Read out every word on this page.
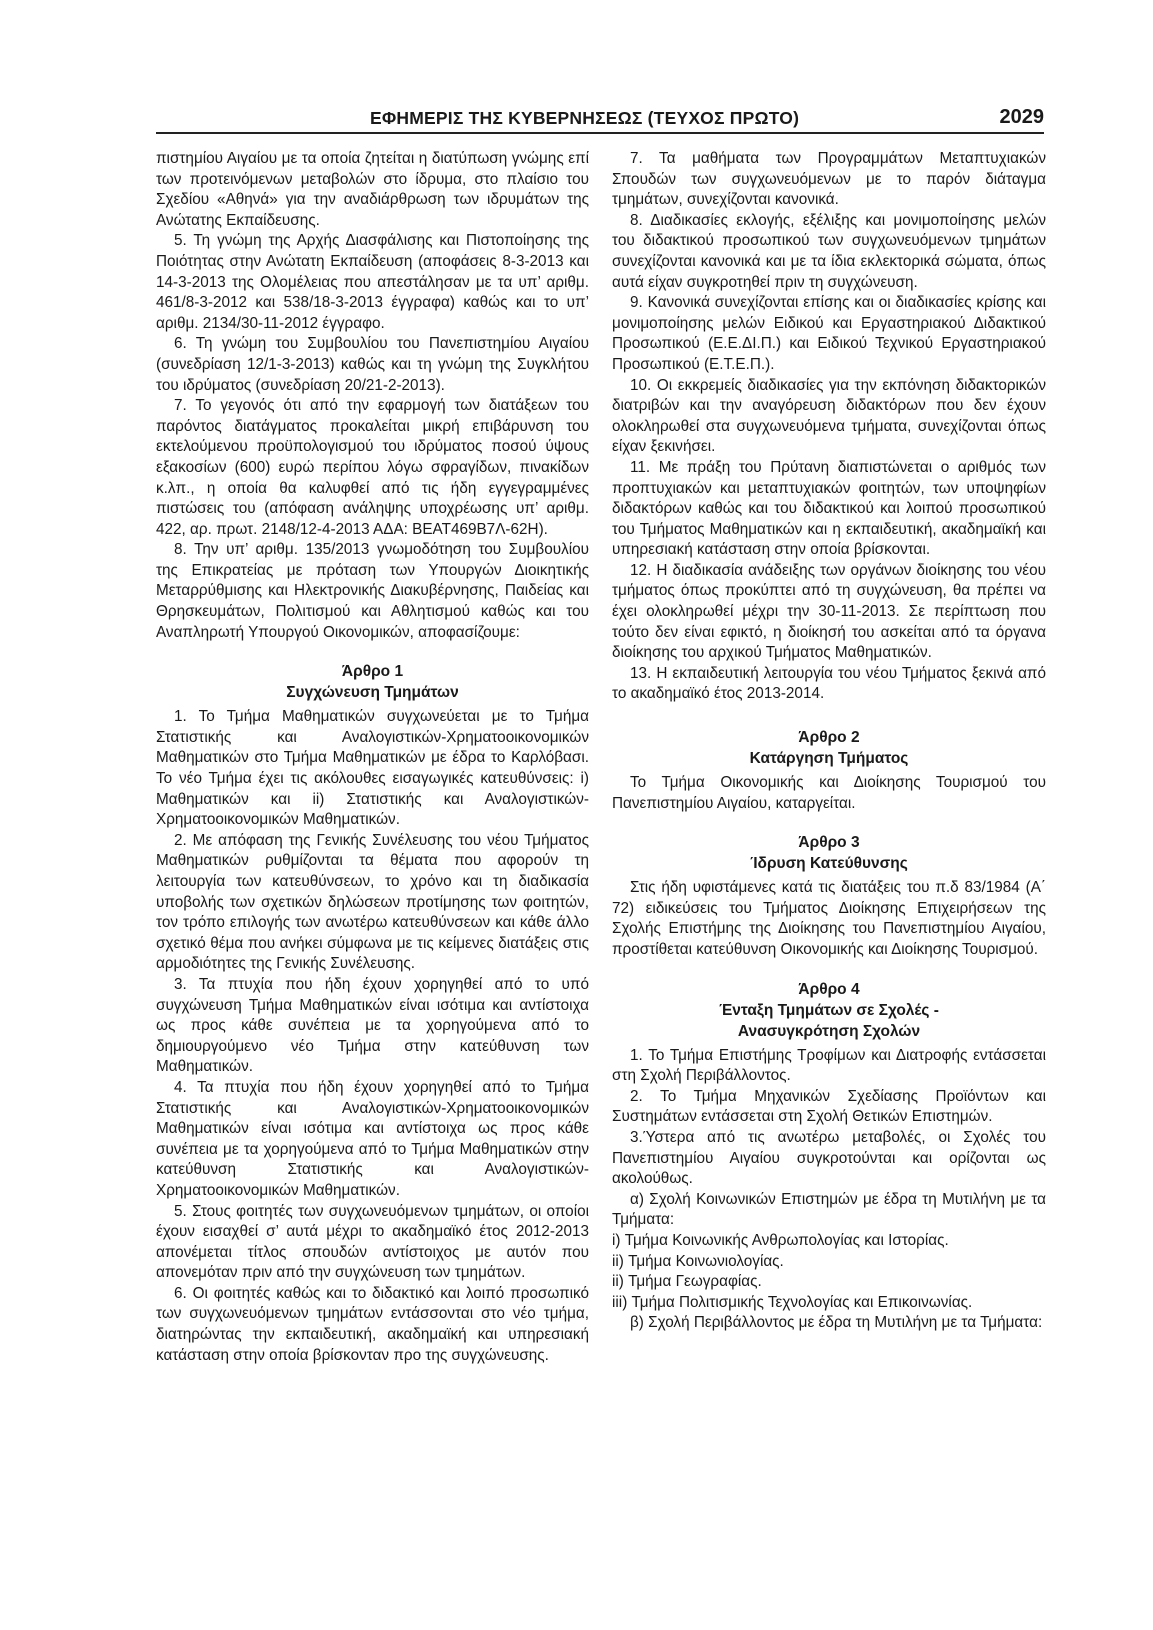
ΕΦΗΜΕΡΙΣ ΤΗΣ ΚΥΒΕΡΝΗΣΕΩΣ (ΤΕΥΧΟΣ ΠΡΩΤΟ)	2029

πιστημίου Αιγαίου με τα οποία ζητείται η διατύπωση γνώμης επί των προτεινόμενων μεταβολών στο ίδρυμα, στο πλαίσιο του Σχεδίου «Αθηνά» για την αναδιάρθρωση των ιδρυμάτων της Ανώτατης Εκπαίδευσης.

5. Τη γνώμη της Αρχής Διασφάλισης και Πιστοποίησης της Ποιότητας στην Ανώτατη Εκπαίδευση (αποφάσεις 8-3-2013 και 14-3-2013 της Ολομέλειας που απεστάλησαν με τα υπ’ αριθμ. 461/8-3-2012 και 538/18-3-2013 έγγραφα) καθώς και το υπ’ αριθμ. 2134/30-11-2012 έγγραφο.

6. Τη γνώμη του Συμβουλίου του Πανεπιστημίου Αιγαίου (συνεδρίαση 12/1-3-2013) καθώς και τη γνώμη της Συγκλήτου του ιδρύματος (συνεδρίαση 20/21-2-2013).

7. Το γεγονός ότι από την εφαρμογή των διατάξεων του παρόντος διατάγματος προκαλείται μικρή επιβάρυνση του εκτελούμενου προϋπολογισμού του ιδρύματος ποσού ύψους εξακοσίων (600) ευρώ περίπου λόγω σφραγίδων, πινακίδων κ.λπ., η οποία θα καλυφθεί από τις ήδη εγγεγραμμένες πιστώσεις του (απόφαση ανάληψης υποχρέωσης υπ’ αριθμ. 422, αρ. πρωτ. 2148/12-4-2013 ΑΔΑ: ΒΕΑΤ469Β7Λ-62Η).

8. Την υπ’ αριθμ. 135/2013 γνωμοδότηση του Συμβουλίου της Επικρατείας με πρόταση των Υπουργών Διοικητικής Μεταρρύθμισης και Ηλεκτρονικής Διακυβέρνησης, Παιδείας και Θρησκευμάτων, Πολιτισμού και Αθλητισμού καθώς και του Αναπληρωτή Υπουργού Οικονομικών, αποφασίζουμε:

Άρθρο 1
Συγχώνευση Τμημάτων

1. Το Τμήμα Μαθηματικών συγχωνεύεται με το Τμήμα Στατιστικής και Αναλογιστικών-Χρηματοοικονομικών Μαθηματικών στο Τμήμα Μαθηματικών με έδρα το Καρλόβασι. Το νέο Τμήμα έχει τις ακόλουθες εισαγωγικές κατευθύνσεις: i) Μαθηματικών και ii) Στατιστικής και Αναλογιστικών-Χρηματοοικονομικών Μαθηματικών.

2. Με απόφαση της Γενικής Συνέλευσης του νέου Τμήματος Μαθηματικών ρυθμίζονται τα θέματα που αφορούν τη λειτουργία των κατευθύνσεων, το χρόνο και τη διαδικασία υποβολής των σχετικών δηλώσεων προτίμησης των φοιτητών, τον τρόπο επιλογής των ανωτέρω κατευθύνσεων και κάθε άλλο σχετικό θέμα που ανήκει σύμφωνα με τις κείμενες διατάξεις στις αρμοδιότητες της Γενικής Συνέλευσης.

3. Τα πτυχία που ήδη έχουν χορηγηθεί από το υπό συγχώνευση Τμήμα Μαθηματικών είναι ισότιμα και αντίστοιχα ως προς κάθε συνέπεια με τα χορηγούμενα από το δημιουργούμενο νέο Τμήμα στην κατεύθυνση των Μαθηματικών.

4. Τα πτυχία που ήδη έχουν χορηγηθεί από το Τμήμα Στατιστικής και Αναλογιστικών-Χρηματοοικονομικών Μαθηματικών είναι ισότιμα και αντίστοιχα ως προς κάθε συνέπεια με τα χορηγούμενα από το Τμήμα Μαθηματικών στην κατεύθυνση Στατιστικής και Αναλογιστικών-Χρηματοοικονομικών Μαθηματικών.

5. Στους φοιτητές των συγχωνευόμενων τμημάτων, οι οποίοι έχουν εισαχθεί σ’ αυτά μέχρι το ακαδημαϊκό έτος 2012-2013 απονέμεται τίτλος σπουδών αντίστοιχος με αυτόν που απονεμόταν πριν από την συγχώνευση των τμημάτων.

6. Οι φοιτητές καθώς και το διδακτικό και λοιπό προσωπικό των συγχωνευόμενων τμημάτων εντάσσονται στο νέο τμήμα, διατηρώντας την εκπαιδευτική, ακαδημαϊκή και υπηρεσιακή κατάσταση στην οποία βρίσκονταν προ της συγχώνευσης.

7. Τα μαθήματα των Προγραμμάτων Μεταπτυχιακών Σπουδών των συγχωνευόμενων με το παρόν διάταγμα τμημάτων, συνεχίζονται κανονικά.

8. Διαδικασίες εκλογής, εξέλιξης και μονιμοποίησης μελών του διδακτικού προσωπικού των συγχωνευόμενων τμημάτων συνεχίζονται κανονικά και με τα ίδια εκλεκτορικά σώματα, όπως αυτά είχαν συγκροτηθεί πριν τη συγχώνευση.

9. Κανονικά συνεχίζονται επίσης και οι διαδικασίες κρίσης και μονιμοποίησης μελών Ειδικού και Εργαστηριακού Διδακτικού Προσωπικού (Ε.Ε.ΔΙ.Π.) και Ειδικού Τεχνικού Εργαστηριακού Προσωπικού (Ε.Τ.Ε.Π.).

10. Οι εκκρεμείς διαδικασίες για την εκπόνηση διδακτορικών διατριβών και την αναγόρευση διδακτόρων που δεν έχουν ολοκληρωθεί στα συγχωνευόμενα τμήματα, συνεχίζονται όπως είχαν ξεκινήσει.

11. Με πράξη του Πρύτανη διαπιστώνεται ο αριθμός των προπτυχιακών και μεταπτυχιακών φοιτητών, των υποψηφίων διδακτόρων καθώς και του διδακτικού και λοιπού προσωπικού του Τμήματος Μαθηματικών και η εκπαιδευτική, ακαδημαϊκή και υπηρεσιακή κατάσταση στην οποία βρίσκονται.

12. Η διαδικασία ανάδειξης των οργάνων διοίκησης του νέου τμήματος όπως προκύπτει από τη συγχώνευση, θα πρέπει να έχει ολοκληρωθεί μέχρι την 30-11-2013. Σε περίπτωση που τούτο δεν είναι εφικτό, η διοίκησή του ασκείται από τα όργανα διοίκησης του αρχικού Τμήματος Μαθηματικών.

13. Η εκπαιδευτική λειτουργία του νέου Τμήματος ξεκινά από το ακαδημαϊκό έτος 2013-2014.

Άρθρο 2
Κατάργηση Τμήματος

Το Τμήμα Οικονομικής και Διοίκησης Τουρισμού του Πανεπιστημίου Αιγαίου, καταργείται.

Άρθρο 3
Ίδρυση Κατεύθυνσης

Στις ήδη υφιστάμενες κατά τις διατάξεις του π.δ 83/1984 (Α΄ 72) ειδικεύσεις του Τμήματος Διοίκησης Επιχειρήσεων της Σχολής Επιστήμης της Διοίκησης του Πανεπιστημίου Αιγαίου, προστίθεται κατεύθυνση Οικονομικής και Διοίκησης Τουρισμού.

Άρθρο 4
Ένταξη Τμημάτων σε Σχολές -
Ανασυγκρότηση Σχολών

1. Το Τμήμα Επιστήμης Τροφίμων και Διατροφής εντάσσεται στη Σχολή Περιβάλλοντος.

2. Το Τμήμα Μηχανικών Σχεδίασης Προϊόντων και Συστημάτων εντάσσεται στη Σχολή Θετικών Επιστημών.

3.Ύστερα από τις ανωτέρω μεταβολές, οι Σχολές του Πανεπιστημίου Αιγαίου συγκροτούνται και ορίζονται ως ακολούθως.

α) Σχολή Κοινωνικών Επιστημών με έδρα τη Μυτιλήνη με τα Τμήματα:

i) Τμήμα Κοινωνικής Ανθρωπολογίας και Ιστορίας.

ii) Τμήμα Κοινωνιολογίας.

ii) Τμήμα Γεωγραφίας.

iii) Τμήμα Πολιτισμικής Τεχνολογίας και Επικοινωνίας.

β) Σχολή Περιβάλλοντος με έδρα τη Μυτιλήνη με τα Τμήματα:
